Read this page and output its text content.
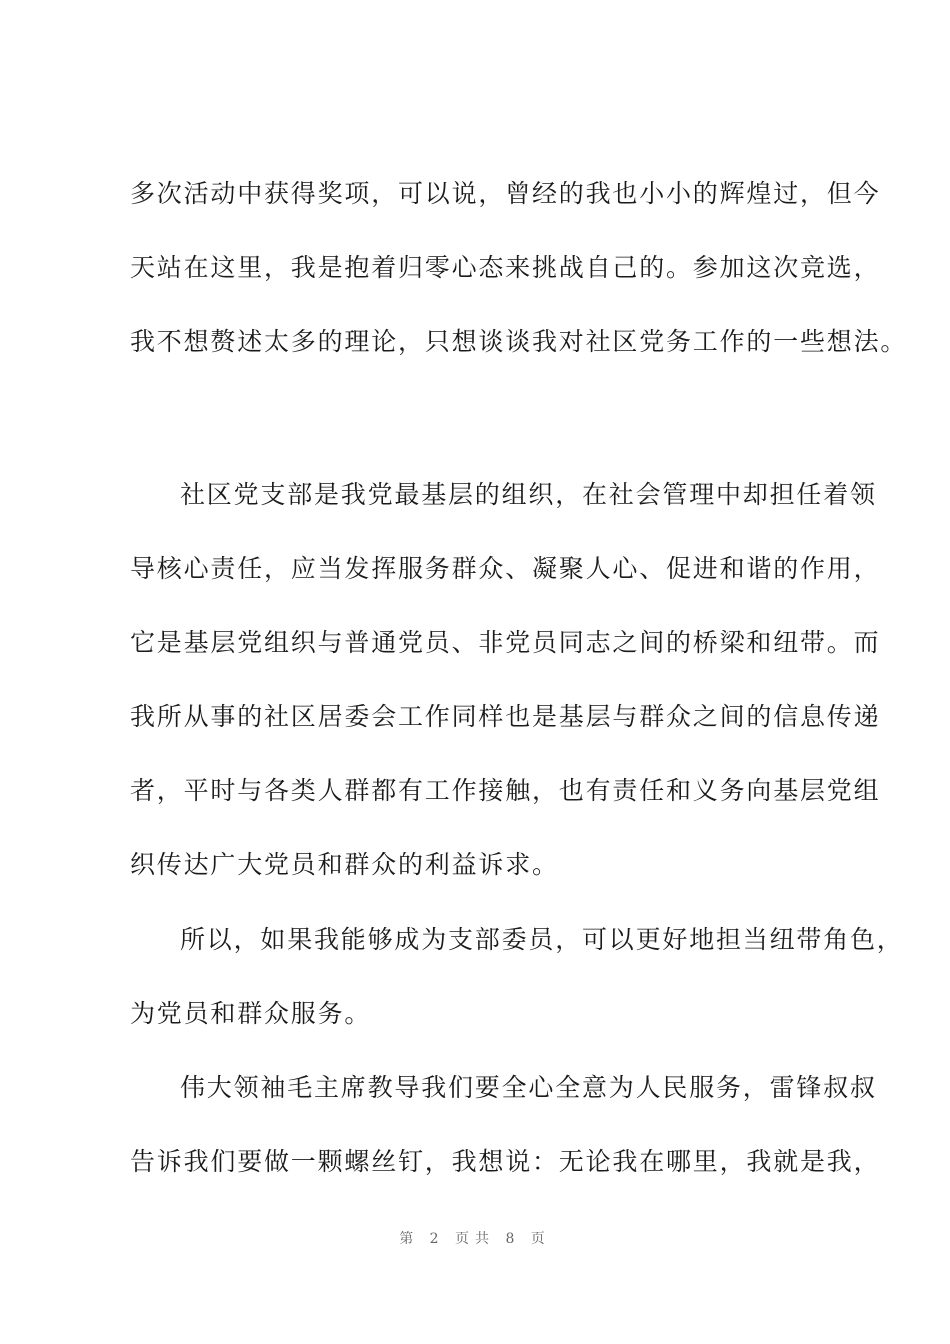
多次活动中获得奖项，可以说，曾经的我也小小的辉煌过，但今
天站在这里，我是抱着归零心态来挑战自己的。参加这次竞选，
我不想赘述太多的理论，只想谈谈我对社区党务工作的一些想法。
社区党支部是我党最基层的组织，在社会管理中却担任着领
导核心责任，应当发挥服务群众、凝聚人心、促进和谐的作用，
它是基层党组织与普通党员、非党员同志之间的桥梁和纽带。而
我所从事的社区居委会工作同样也是基层与群众之间的信息传递
者，平时与各类人群都有工作接触，也有责任和义务向基层党组
织传达广大党员和群众的利益诉求。
所以，如果我能够成为支部委员，可以更好地担当纽带角色，
为党员和群众服务。
伟大领袖毛主席教导我们要全心全意为人民服务，雷锋叔叔
告诉我们要做一颗螺丝钉，我想说：无论我在哪里，我就是我，
第 2 页共 8 页
